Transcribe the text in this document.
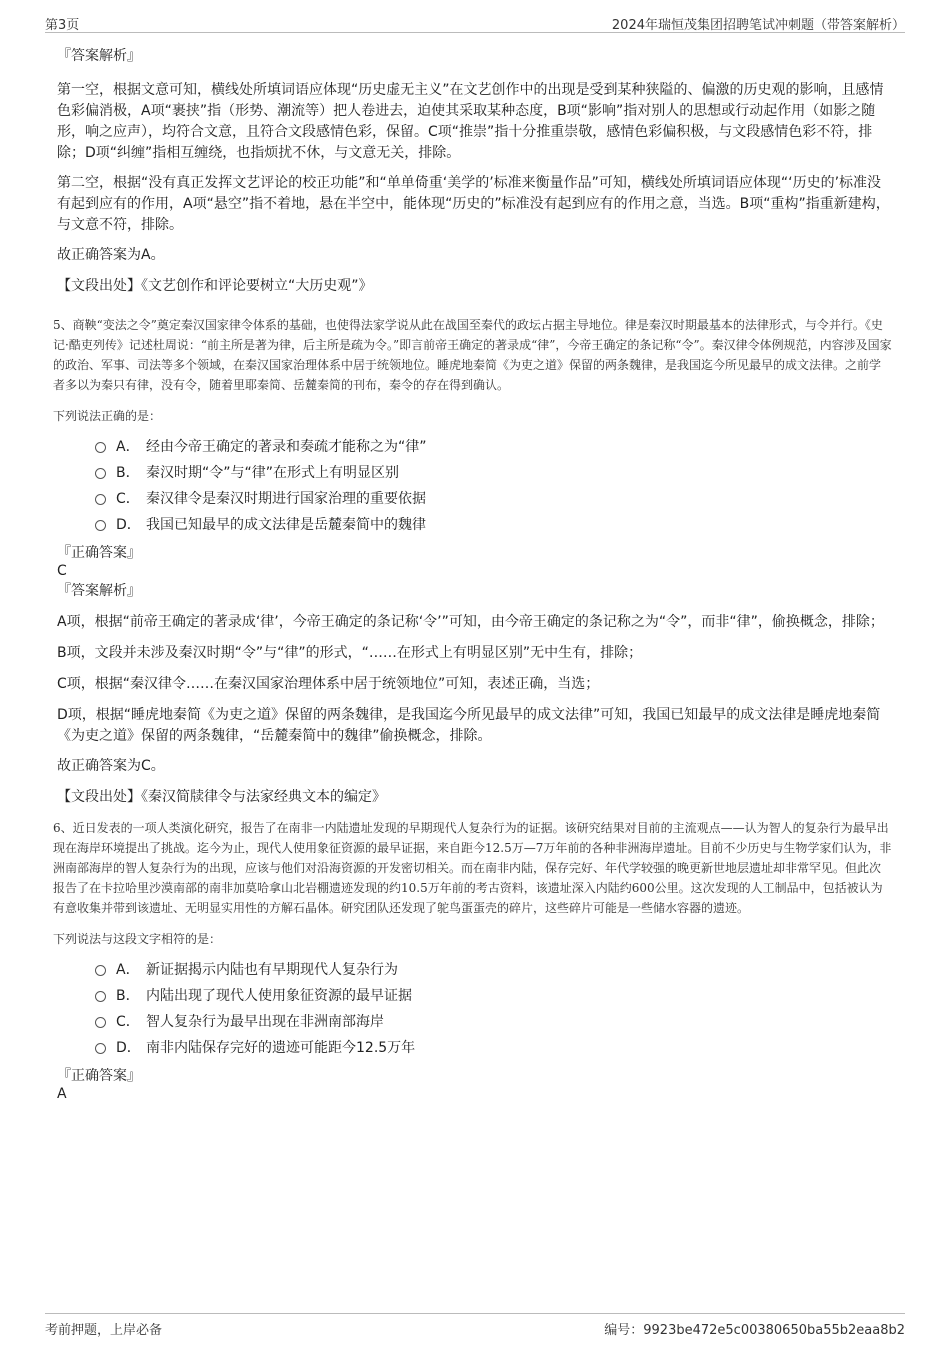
第3页	2024年瑞恒茂集团招聘笔试冲刺题（带答案解析）

『答案解析』

第一空，根据文意可知，横线处所填词语应体现“历史虚无主义”在文艺创作中的出现是受到某种狭隘的、偏激的历史观的影响，且感情色彩偏消极，A项“裹挟”指（形势、潮流等）把人卷进去，迫使其采取某种态度，B项“影响”指对别人的思想或行动起作用（如影之随形，响之应声），均符合文意，且符合文段感情色彩，保留。C项“推崇”指十分推重崇敬，感情色彩偏积极，与文段感情色彩不符，排除；D项“纠缠”指相互缠绕，也指烦扰不休，与文意无关，排除。

第二空，根据“没有真正发挥文艺评论的校正功能”和“单单倚重‘美学的’标准来衡量作品”可知，横线处所填词语应体现“‘历史的’标准没有起到应有的作用，A项“悬空”指不着地，悬在半空中，能体现“历史的”标准没有起到应有的作用之意，当选。B项“重构”指重新建构，与文意不符，排除。

故正确答案为A。

【文段出处】《文艺创作和评论要树立“大历史观”》

5、商鞅“变法之令”奠定秦汉国家律令体系的基础，也使得法家学说从此在战国至秦代的政坛占据主导地位。律是秦汉时期最基本的法律形式，与令并行。《史记·酷吏列传》记述杜周说：“前主所是著为律，后主所是疏为令。”即言前帝王确定的著录成“律”，今帝王确定的条记称“令”。秦汉律令体例规范，内容涉及国家的政治、军事、司法等多个领域，在秦汉国家治理体系中居于统领地位。睡虎地秦简《为吏之道》保留的两条魏律，是我国迄今所见最早的成文法律。之前学者多以为秦只有律，没有令，随着里耶秦简、岳麓秦简的刊布，秦令的存在得到确认。

下列说法正确的是：

A． 经由今帝王确定的著录和奏疏才能称之为“律”
B． 秦汉时期“令”与“律”在形式上有明显区别
C． 秦汉律令是秦汉时期进行国家治理的重要依据
D． 我国已知最早的成文法律是岳麓秦简中的魏律

『正确答案』

C

『答案解析』

A项，根据“前帝王确定的著录成‘律’，今帝王确定的条记称‘令’”可知，由今帝王确定的条记称之为“令”，而非“律”，偷换概念，排除；

B项，文段并未涉及秦汉时期“令”与“律”的形式，“……在形式上有明显区别”无中生有，排除；

C项，根据“秦汉律令……在秦汉国家治理体系中居于统领地位”可知，表述正确，当选；

D项，根据“睡虎地秦简《为吏之道》保留的两条魏律，是我国迄今所见最早的成文法律”可知，我国已知最早的成文法律是睡虎地秦简《为吏之道》保留的两条魏律，“岳麓秦简中的魏律”偷换概念，排除。

故正确答案为C。

【文段出处】《秦汉简牍律令与法家经典文本的编定》

6、近日发表的一项人类演化研究，报告了在南非一内陆遗址发现的早期现代人复杂行为的证据。该研究结果对目前的主流观点——认为智人的复杂行为最早出现在海岸环境提出了挑战。迄今为止，现代人使用象征资源的最早证据，来自距今12.5万—7万年前的各种非洲海岸遗址。目前不少历史与生物学家们认为，非洲南部海岸的智人复杂行为的出现，应该与他们对沿海资源的开发密切相关。而在南非内陆，保存完好、年代学较强的晚更新世地层遗址却非常罕见。但此次报告了在卡拉哈里沙漠南部的南非加莫哈拿山北岩棚遗迹发现的约10.5万年前的考古资料，该遗址深入内陆约600公里。这次发现的人工制品中，包括被认为有意收集并带到该遗址、无明显实用性的方解石晶体。研究团队还发现了鸵鸟蛋蛋壳的碎片，这些碎片可能是一些储水容器的遗迹。

下列说法与这段文字相符的是：

A． 新证据揭示内陆也有早期现代人复杂行为
B． 内陆出现了现代人使用象征资源的最早证据
C． 智人复杂行为最早出现在非洲南部海岸
D． 南非内陆保存完好的遗迹可能距今12.5万年

『正确答案』

A

考前押题，上岸必备	编号：9923be472e5c00380650ba55b2eaa8b2
